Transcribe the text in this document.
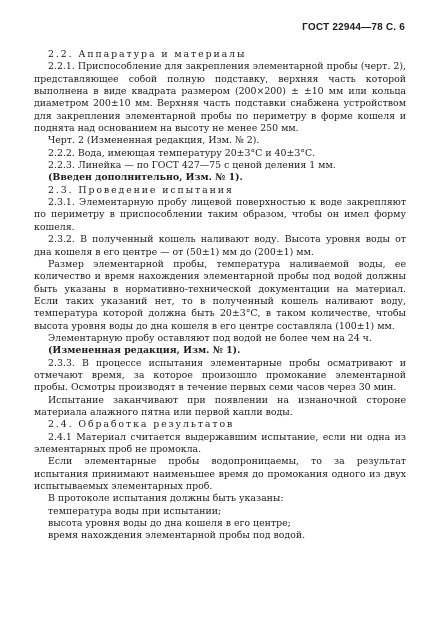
ГОСТ 22944—78 С. 6
2.2. Аппаратура и материалы
2.2.1. Приспособление для закрепления элементарной пробы (черт. 2), представляющее собой полную подставку, верхняя часть которой выполнена в виде квадрата размером (200×200) ± ±10 мм или кольца диаметром 200±10 мм. Верхняя часть подставки снабжена устройством для закрепления элементарной пробы по периметру в форме кошеля и поднята над основанием на высоту не менее 250 мм.
Черт. 2 (Измененная редакция, Изм. № 2).
2.2.2. Вода, имеющая температуру 20±3°С и 40±3°С.
2.2.3. Линейка — по ГОСТ 427—75 с ценой деления 1 мм.
(Введен дополнительно, Изм. № 1).
2.3. Проведение испытания
2.3.1. Элементарную пробу лицевой поверхностью к воде закрепляют по периметру в приспособлении таким образом, чтобы он имел форму кошеля.
2.3.2. В полученный кошель наливают воду. Высота уровня воды от дна кошеля в его центре — от (50±1) мм до (200±1) мм.
Размер элементарной пробы, температура наливаемой воды, ее количество и время нахождения элементарной пробы под водой должны быть указаны в нормативно-технической документации на материал. Если таких указаний нет, то в полученный кошель наливают воду, температура которой должна быть 20±3°С, в таком количестве, чтобы высота уровня воды до дна кошеля в его центре составляла (100±1) мм.
Элементарную пробу оставляют под водой не более чем на 24 ч.
(Измененная редакция, Изм. № 1).
2.3.3. В процессе испытания элементарные пробы осматривают и отмечают время, за которое произошло промокание элементарной пробы. Осмотры производят в течение первых семи часов через 30 мин.
Испытание заканчивают при появлении на изнаночной стороне материала алажного пятна или первой капли воды.
2.4. Обработка результатов
2.4.1 Материал считается выдержавшим испытание, если ни одна из элементарных проб не промокла.
Если элементарные пробы водопроницаемы, то за результат испытания принимают наименьшее время до промокания одного из двух испытываемых элементарных проб.
В протоколе испытания должны быть указаны:
температура воды при испытании;
высота уровня воды до дна кошеля в его центре;
время нахождения элементарной пробы под водой.
